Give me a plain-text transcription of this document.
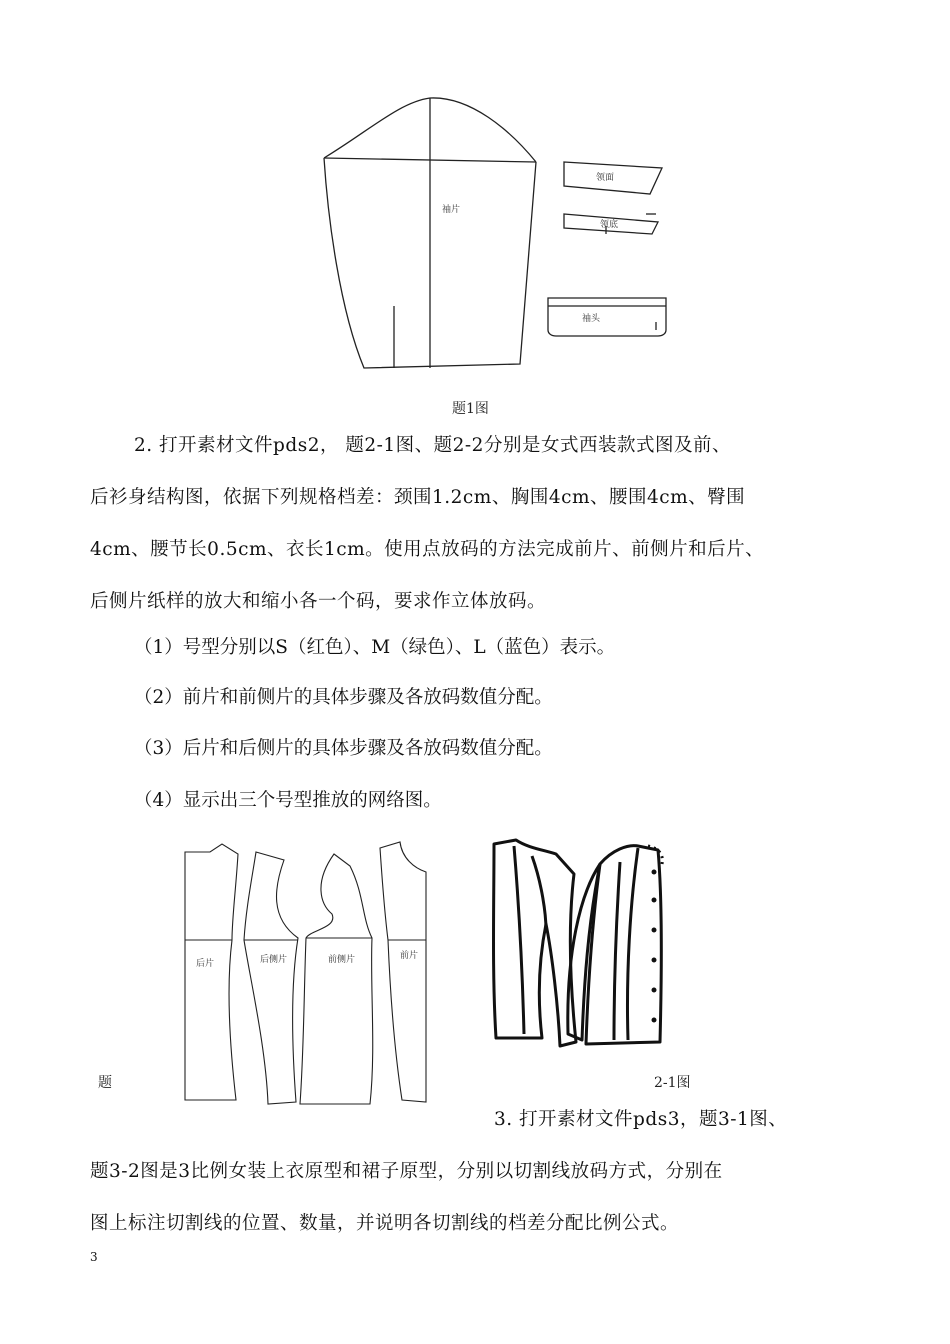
袖片
领面
领底
袖头
题1图
2. 打开素材文件pds2， 题2-1图、题2-2分别是女式西装款式图及前、
后衫身结构图，依据下列规格档差：颈围1.2cm、胸围4cm、腰围4cm、臀围
4cm、腰节长0.5cm、衣长1cm。使用点放码的方法完成前片、前侧片和后片、
后侧片纸样的放大和缩小各一个码，要求作立体放码。
（1）号型分别以S（红色）、M（绿色）、L（蓝色）表示。
（2）前片和前侧片的具体步骤及各放码数值分配。
（3）后片和后侧片的具体步骤及各放码数值分配。
（4）显示出三个号型推放的网络图。
后片	后侧片	前侧片	前片
题	2-1图
3. 打开素材文件pds3，题3-1图、
题3-2图是3比例女装上衣原型和裙子原型，分别以切割线放码方式，分别在
图上标注切割线的位置、数量，并说明各切割线的档差分配比例公式。
3
